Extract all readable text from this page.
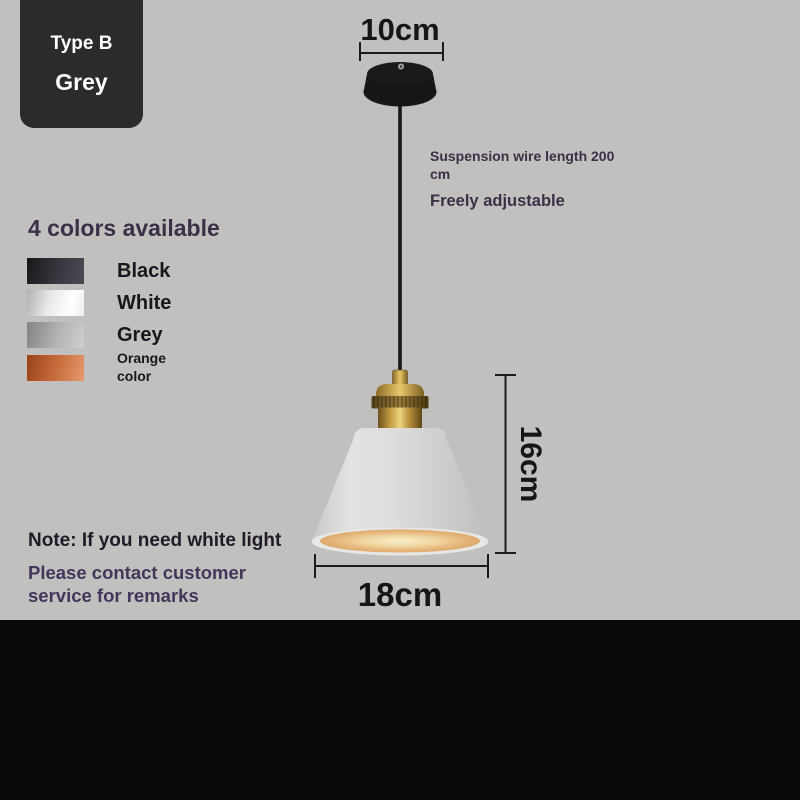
Type B
Grey
10cm
16cm
18cm
Suspension wire length 200 cm
Freely adjustable
4 colors available
Black
White
Grey
Orange color
Note: If you need white light
Please contact customer service for remarks
